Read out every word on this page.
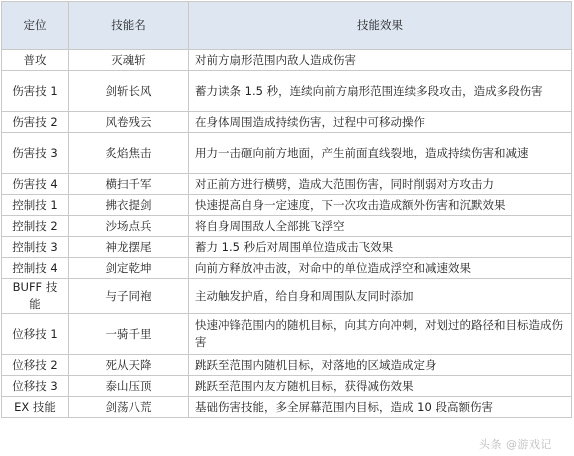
定位	技能名	技能效果
普攻	灭魂斩	对前方扇形范围内敌人造成伤害
伤害技 1	剑斩长风	蓄力读条 1.5 秒，连续向前方扇形范围连续多段攻击，造成多段伤害
伤害技 2	风卷残云	在身体周围造成持续伤害，过程中可移动操作
伤害技 3	炙焰焦击	用力一击砸向前方地面，产生前面直线裂地，造成持续伤害和减速
伤害技 4	横扫千军	对正前方进行横劈，造成大范围伤害，同时削弱对方攻击力
控制技 1	拂衣提剑	快速提高自身一定速度，下一次攻击造成额外伤害和沉默效果
控制技 2	沙场点兵	将自身周围敌人全部挑飞浮空
控制技 3	神龙摆尾	蓄力 1.5 秒后对周围单位造成击飞效果
控制技 4	剑定乾坤	向前方释放冲击波，对命中的单位造成浮空和减速效果
BUFF 技能	与子同袍	主动触发护盾，给自身和周围队友同时添加
位移技 1	一骑千里	快速冲锋范围内的随机目标，向其方向冲刺，对划过的路径和目标造成伤害
位移技 2	死从天降	跳跃至范围内随机目标，对落地的区域造成定身
位移技 3	泰山压顶	跳跃至范围内友方随机目标，获得减伤效果
EX 技能	剑荡八荒	基础伤害技能，多全屏幕范围内目标，造成 10 段高额伤害
头条 @游戏记
